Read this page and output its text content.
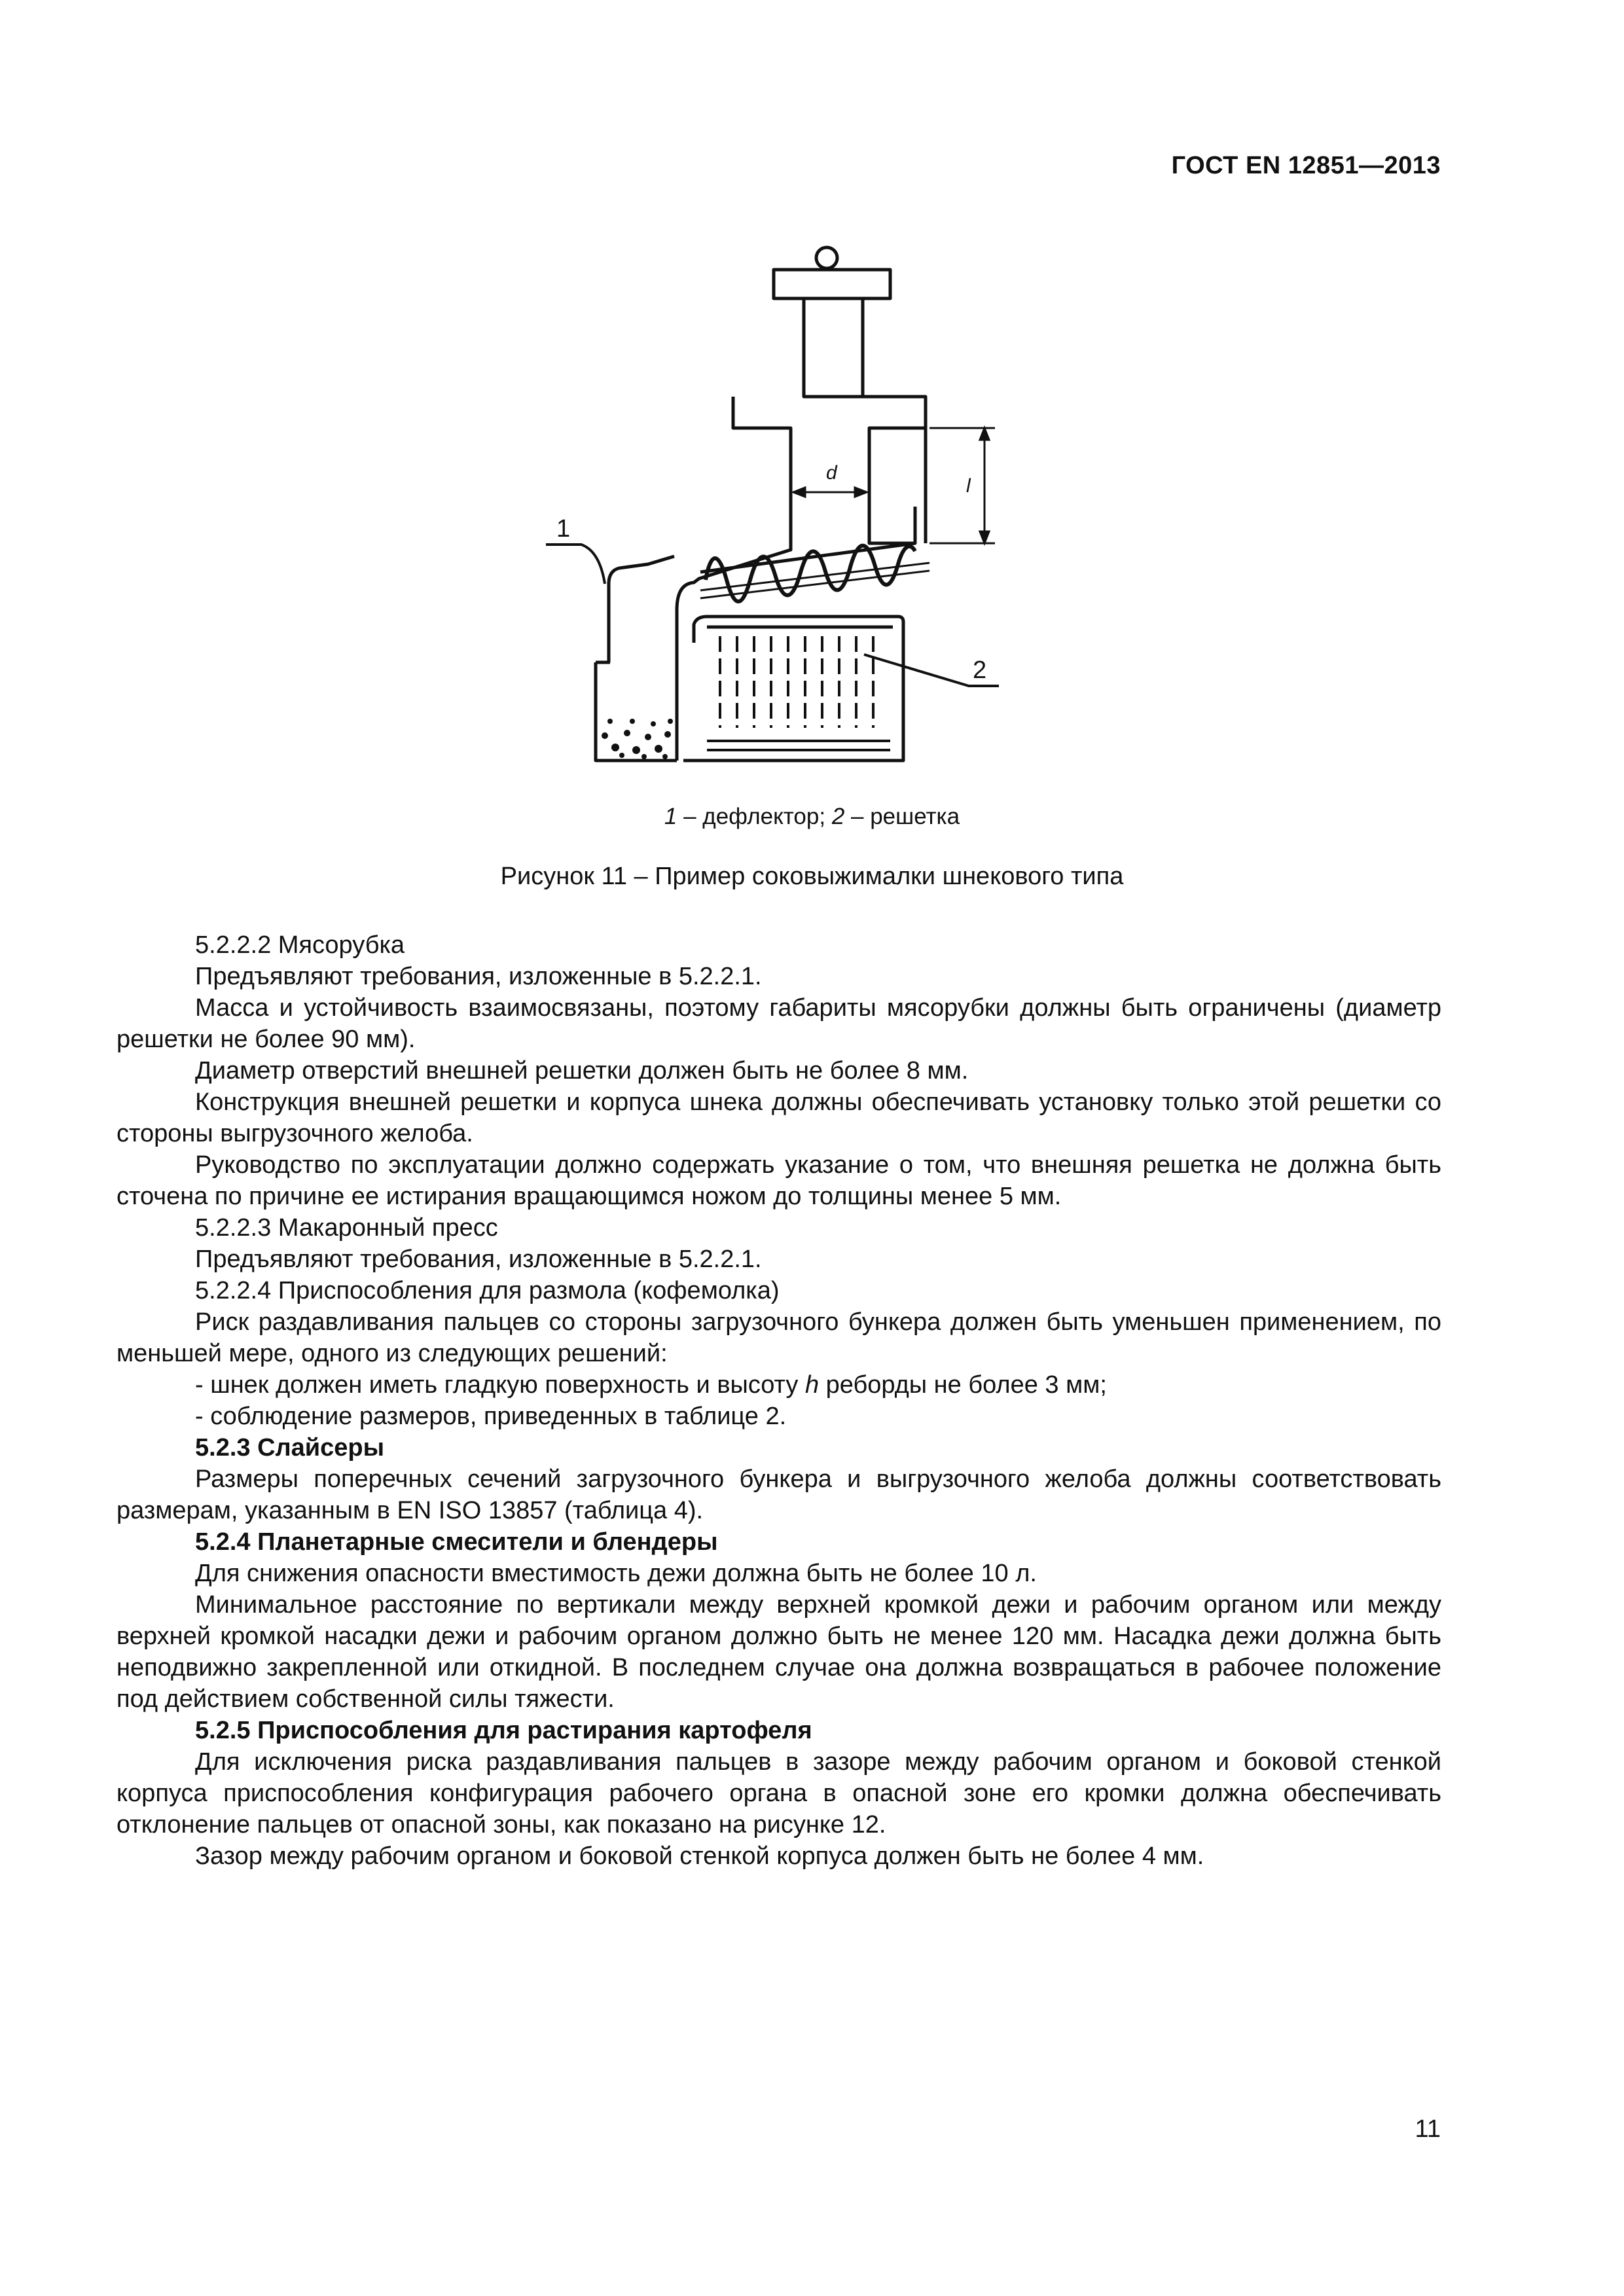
ГОСТ EN 12851—2013
d
l
1
2
1 – дефлектор; 2 – решетка
Рисунок 11 – Пример соковыжималки шнекового типа

5.2.2.2 Мясорубка

Предъявляют требования, изложенные в 5.2.2.1.

Масса и устойчивость взаимосвязаны, поэтому габариты мясорубки должны быть ограничены (диаметр решетки не более 90 мм).

Диаметр отверстий внешней решетки должен быть не более 8 мм.

Конструкция внешней решетки и корпуса шнека должны обеспечивать установку только этой решетки со стороны выгрузочного желоба.

Руководство по эксплуатации должно содержать указание о том, что внешняя решетка не должна быть сточена по причине ее истирания вращающимся ножом до толщины менее 5 мм.

5.2.2.3 Макаронный пресс

Предъявляют требования, изложенные в 5.2.2.1.

5.2.2.4 Приспособления для размола (кофемолка)

Риск раздавливания пальцев со стороны загрузочного бункера должен быть уменьшен применением, по меньшей мере, одного из следующих решений:

- шнек должен иметь гладкую поверхность и высоту h реборды не более 3 мм;

- соблюдение размеров, приведенных в таблице 2.

5.2.3 Слайсеры

Размеры поперечных сечений загрузочного бункера и выгрузочного желоба должны соответствовать размерам, указанным в EN ISO 13857 (таблица 4).

5.2.4 Планетарные смесители и блендеры

Для снижения опасности вместимость дежи должна быть не более 10 л.

Минимальное расстояние по вертикали между верхней кромкой дежи и рабочим органом или между верхней кромкой насадки дежи и рабочим органом должно быть не менее 120 мм. Насадка дежи должна быть неподвижно закрепленной или откидной. В последнем случае она должна возвращаться в рабочее положение под действием собственной силы тяжести.

5.2.5 Приспособления для растирания картофеля

Для исключения риска раздавливания пальцев в зазоре между рабочим органом и боковой стенкой корпуса приспособления конфигурация рабочего органа в опасной зоне его кромки должна обеспечивать отклонение пальцев от опасной зоны, как показано на рисунке 12.

Зазор между рабочим органом и боковой стенкой корпуса должен быть не более 4 мм.

11
